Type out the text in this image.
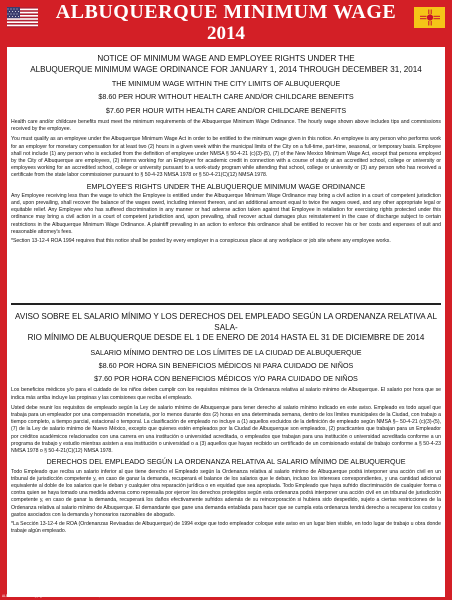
ALBUQUERQUE MINIMUM WAGE
2014

NOTICE OF MINIMUM WAGE AND EMPLOYEE RIGHTS UNDER THE

ALBUQUERQUE MINIMUM WAGE ORDINANCE FOR JANUARY 1, 2014 THROUGH DECEMBER 31, 2014

THE MINIMUM WAGE WITHIN THE CITY LIMITS OF ALBUQUERQUE

$8.60 PER HOUR WITHOUT HEALTH CARE AND/OR CHILDCARE BENEFITS

$7.60 PER HOUR WITH HEALTH CARE AND/OR CHILDCARE BENEFITS

Health care and/or childcare benefits must meet the minimum requirements of the Albuquerque Minimum Wage Ordinance. The hourly wage shown above includes tips and commissions received by the employee.

You must qualify as an employee under the Albuquerque Minimum Wage Act in order to be entitled to the minimum wage given in this notice. An employee is any person who performs work for an employer for monetary compensation for at least two (2) hours in a given week within the municipal limits of the City on a full-time, part-time, seasonal, or temporary basis. Employee shall not include (1) any person who is excluded from the definition of employee under NMSA § 50-4-21 (c)(3)-(5), (7) of the New Mexico Minimum Wage Act, except that persons employed by the City of Albuquerque are employees, (2) interns working for an Employer for academic credit in connection with a course of study at an accredited school, college or university or employees working for an accredited school, college or university pursuant to a work-study program while attending that school, college or university or (3) any person who has received a certificate from the state labor commissioner pursuant to § 50-4-23 NMSA 1978 or § 50-4-21(C)(12) NMSA 1978.

EMPLOYEE'S RIGHTS UNDER THE ALBUQUERQUE MINIMUM WAGE ORDINANCE

Any Employee receiving less than the wage to which the Employee is entitled under the Albuquerque Minimum Wage Ordinance may bring a civil action in a court of competent jurisdiction and, upon prevailing, shall recover the balance of the wages owed, including interest thereon, and an additional amount equal to twice the wages owed, and any other appropriate legal or equitable relief. Any Employee who has suffered discrimination in any manner or had adverse action taken against that Employee in retaliation for exercising rights protected under this ordinance may bring a civil action in a court of competent jurisdiction and, upon prevailing, shall recover actual damages plus reinstatement in the case of discharge subject to certain restrictions in the Albuquerque Minimum Wage Ordinance. A plaintiff prevailing in an action to enforce this ordinance shall be entitled to recover his or her costs and expenses of suit and reasonable attorney's fees.

*Section 13-12-4 ROA 1994 requires that this notice shall be posted by every employer in a conspicuous place at any workplace or job site where any employee works.

AVISO SOBRE EL SALARIO MÍNIMO Y LOS DERECHOS DEL EMPLEADO SEGÚN LA ORDENANZA RELATIVA AL SALA-

RIO MÍNIMO DE ALBUQUERQUE DESDE EL 1 DE ENERO DE 2014 HASTA EL 31 DE DICIEMBRE DE 2014

SALARIO MÍNIMO DENTRO DE LOS LÍMITES DE LA CIUDAD DE ALBUQUERQUE

$8.60 POR HORA SIN BENEFICIOS MÉDICOS NI PARA CUIDADO DE NIÑOS

$7.60 POR HORA CON BENEFICIOS MÉDICOS Y/O PARA CUIDADO DE NIÑOS

Los beneficios médicos y/o para el cuidado de los niños deben cumplir con los requisitos mínimos de la Ordenanza relativa al salario mínimo de Albuquerque. El salario por hora que se indica más arriba incluye las propinas y las comisiones que reciba el empleado.

Usted debe reunir los requisitos de empleado según la Ley de salario mínimo de Albuquerque para tener derecho al salario mínimo indicado en este aviso. Empleado es todo aquel que trabaja para un empleador por una compensación monetaria, por lo menos durante dos (2) horas en una determinada semana, dentro de los límites municipales de la Ciudad, con trabajo a tiempo completo, a tiempo parcial, estacional o temporal. La clasificación de empleado no incluye a (1) aquellos excluidos de la definición de empleado según NMSA §– 50-4-21 (c)(3)-(5), (7) de la Ley de salario mínimo de Nuevo México, excepto que quienes estén empleados por la Ciudad de Albuquerque son empleados, (2) practicantes que trabajan para un Empleador por créditos académicos relacionados con una carrera en una institución o universidad acreditada, o empleados que trabajan para una institución o universidad acreditada conforme a un programa de trabajo y estudio mientras asisten a esa institución o universidad o a (3) aquellos que hayan recibido un certificado de un comisionado estatal de trabajo conforme a § 50-4-23 NMSA 1978 o § 50-4-21(C)(12) NMSA 1978.

DERECHOS DEL EMPLEADO SEGÚN LA ORDENANZA RELATIVA AL SALARIO MÍNIMO DE ALBUQUERQUE

Todo Empleado que reciba un salario inferior al que tiene derecho el Empleado según la Ordenanza relativa al salario mínimo de Albuquerque podrá interponer una acción civil en un tribunal de jurisdicción competente y, en caso de ganar la demanda, recuperará el balance de los salarios que le deban, incluso los intereses correspondientes, y una cantidad adicional equivalente al doble de los salarios que le deban y cualquier otra reparación jurídica o en equidad que sea apropiada. Todo Empleado que haya sufrido discriminación de cualquier forma o contra quien se haya tomado una medida adversa como represalia por ejercer los derechos protegidos según esta ordenanza podrá interponer una acción civil en un tribunal de jurisdicción competente y, en caso de ganar la demanda, recuperará los daños efectivamente sufridos además de su reincorporación si hubiera sido despedido, sujeto a ciertas restricciones de la Ordenanza relativa al salario mínimo de Albuquerque. El demandante que gane una demanda entablada para hacer que se cumpla esta ordenanza tendrá derecho a recuperar los costos y gastos asociados con la demanda y honorarios razonables de abogado.

*La Sección 13-12-4 de ROA (Ordenanzas Revisadas de Albuquerque) de 1994 exige que todo empleador coloque este aviso en un lugar bien visible, en todo lugar de trabajo u obra donde trabaje algún empleado.

ALB-MWMAB-2014 Copyright © 2014 ELITE BUSINESS SERVICES, INC.
